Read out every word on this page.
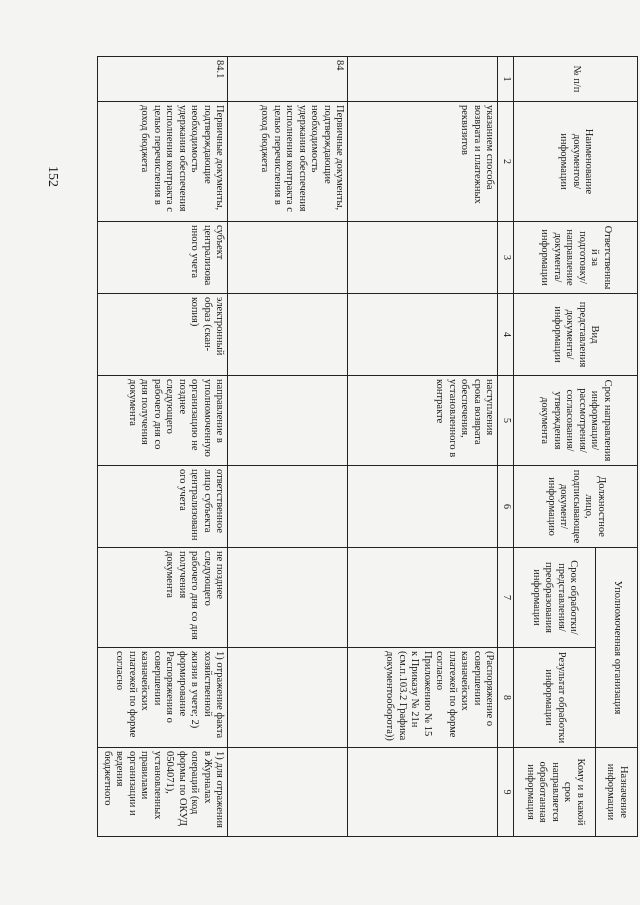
152
№ п/п	Наименование документов/ информации	Ответственный за подготовку/ направление документа/ информации	Вид представления документа/ информации	Срок направления информации/ рассмотрения/ согласования/ утверждения документа	Должностное лицо, подписывающее документ/ информацию	Уполномоченная организация		Назначение информации
						Срок обработки/ представления/ преобразования информации	Результат обработки информации	Кому и в какой срок направляется обработанная информация
1	2	3	4	5	6	7	8	9
	указанием способа возврата и платежных реквизитов			наступления срока возврата обеспечения, установленного в контракте			(Распоряжение о совершении казначейских платежей по форме согласно Приложению № 15 к Приказу № 21н (см.п.103.2 Графика документооборота))	
84	Первичные документы, подтверждающие необходимость удержания обеспечения исполнения контракта с целью перечисления в доход бюджета							
84.1	Первичные документы, подтверждающие необходимость удержания обеспечения исполнения контракта с целью перечисления в доход бюджета	субъект централизованного учета	электронный образ (скан-копия)	направление в уполномоченную организацию не позднее следующего рабочего дня со дня получения документа	ответственное лицо субъекта централизованного учета	не позднее следующего рабочего дня со дня получения документа	1) отражение факта хозяйственной жизни в учете; 2) формирование Распоряжения о совершении казначейских платежей по форме согласно	1) для отражения в Журналах операций (код формы по ОКУД 0504071), установленных правилами организации и ведения бюджетного
